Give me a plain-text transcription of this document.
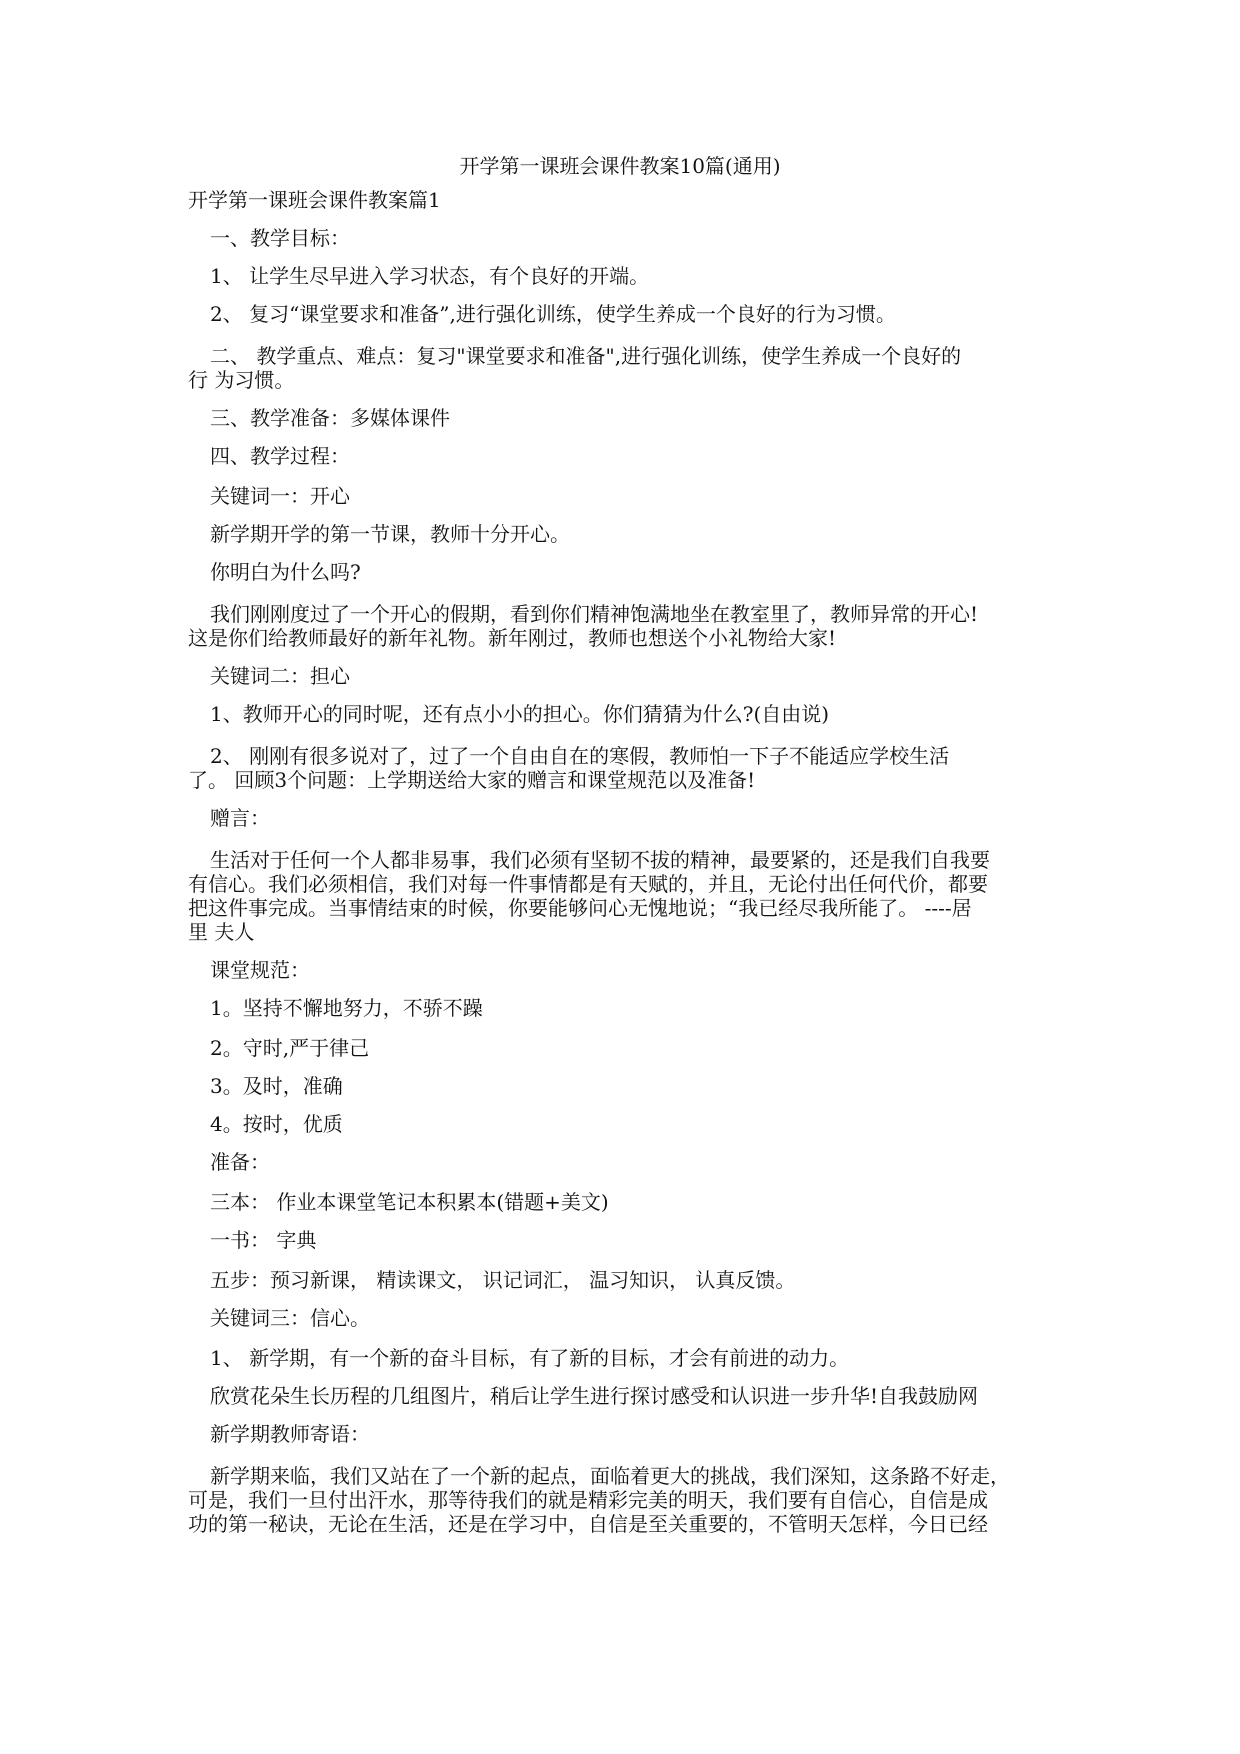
开学第一课班会课件教案10篇(通用)
开学第一课班会课件教案篇1
一、教学目标：
1、 让学生尽早进入学习状态，有个良好的开端。
2、 复习“课堂要求和准备”,进行强化训练，使学生养成一个良好的行为习惯。
二、 教学重点、难点：复习"课堂要求和准备",进行强化训练，使学生养成一个良好的
行 为习惯。
三、教学准备：多媒体课件
四、教学过程：
关键词一：开心
新学期开学的第一节课，教师十分开心。
你明白为什么吗?
我们刚刚度过了一个开心的假期，看到你们精神饱满地坐在教室里了，教师异常的开心!
这是你们给教师最好的新年礼物。新年刚过，教师也想送个小礼物给大家!
关键词二：担心
1、教师开心的同时呢，还有点小小的担心。你们猜猜为什么?(自由说)
2、 刚刚有很多说对了，过了一个自由自在的寒假，教师怕一下子不能适应学校生活
了。 回顾3个问题：上学期送给大家的赠言和课堂规范以及准备!
赠言：
生活对于任何一个人都非易事，我们必须有坚韧不拔的精神，最要紧的，还是我们自我要
有信心。我们必须相信，我们对每一件事情都是有天赋的，并且，无论付出任何代价，都要
把这件事完成。当事情结束的时候，你要能够问心无愧地说；“我已经尽我所能了。 ----居
里 夫人
课堂规范：
1。坚持不懈地努力，不骄不躁
2。守时,严于律己
3。及时，准确
4。按时，优质
准备：
三本： 作业本课堂笔记本积累本(错题+美文)
一书： 字典
五步：预习新课， 精读课文， 识记词汇， 温习知识， 认真反馈。
关键词三：信心。
1、 新学期，有一个新的奋斗目标，有了新的目标，才会有前进的动力。
欣赏花朵生长历程的几组图片，稍后让学生进行探讨感受和认识进一步升华!自我鼓励网
新学期教师寄语：
新学期来临，我们又站在了一个新的起点，面临着更大的挑战，我们深知，这条路不好走，
可是，我们一旦付出汗水，那等待我们的就是精彩完美的明天，我们要有自信心，自信是成
功的第一秘诀，无论在生活，还是在学习中，自信是至关重要的，不管明天怎样，今日已经
